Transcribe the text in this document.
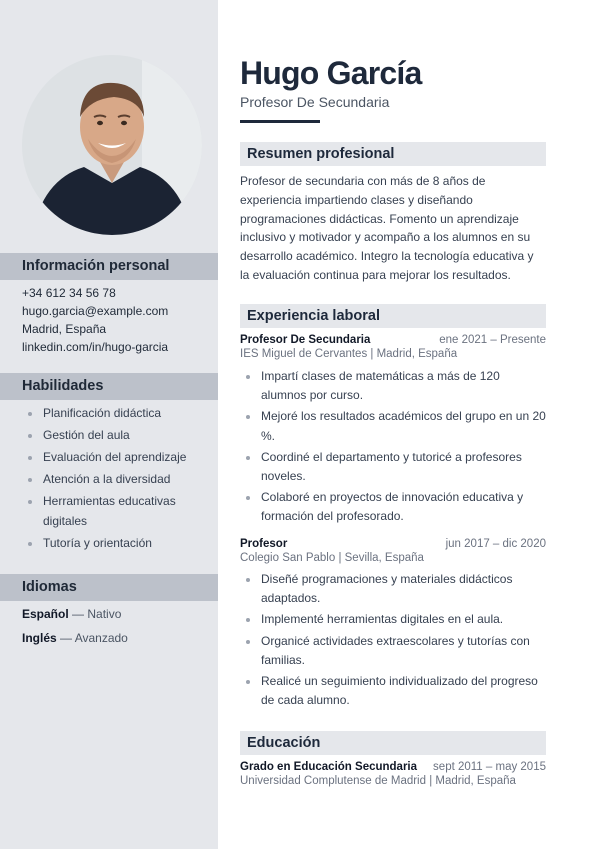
Información personal
+34 612 34 56 78
hugo.garcia@example.com
Madrid, España
linkedin.com/in/hugo-garcia
Habilidades
Planificación didáctica
Gestión del aula
Evaluación del aprendizaje
Atención a la diversidad
Herramientas educativas digitales
Tutoría y orientación
Idiomas
Español — Nativo
Inglés — Avanzado
Hugo García
Profesor De Secundaria
Resumen profesional
Profesor de secundaria con más de 8 años de experiencia impartiendo clases y diseñando programaciones didácticas. Fomento un aprendizaje inclusivo y motivador y acompaño a los alumnos en su desarrollo académico. Integro la tecnología educativa y la evaluación continua para mejorar los resultados.
Experiencia laboral
Profesor De Secundaria	ene 2021 – Presente
IES Miguel de Cervantes | Madrid, España
Impartí clases de matemáticas a más de 120 alumnos por curso.
Mejoré los resultados académicos del grupo en un 20 %.
Coordiné el departamento y tutoricé a profesores noveles.
Colaboré en proyectos de innovación educativa y formación del profesorado.
Profesor	jun 2017 – dic 2020
Colegio San Pablo | Sevilla, España
Diseñé programaciones y materiales didácticos adaptados.
Implementé herramientas digitales en el aula.
Organicé actividades extraescolares y tutorías con familias.
Realicé un seguimiento individualizado del progreso de cada alumno.
Educación
Grado en Educación Secundaria sept 2011 – may 2015
Universidad Complutense de Madrid | Madrid, España
